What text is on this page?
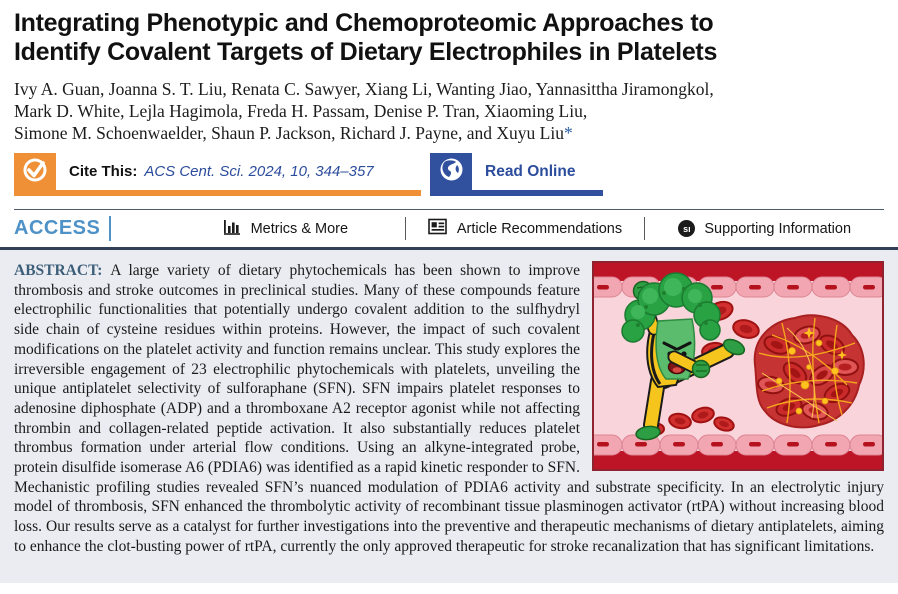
Integrating Phenotypic and Chemoproteomic Approaches to
Identify Covalent Targets of Dietary Electrophiles in Platelets
Ivy A. Guan, Joanna S. T. Liu, Renata C. Sawyer, Xiang Li, Wanting Jiao, Yannasittha Jiramongkol,
Mark D. White, Lejla Hagimola, Freda H. Passam, Denise P. Tran, Xiaoming Liu,
Simone M. Schoenwaelder, Shaun P. Jackson, Richard J. Payne, and Xuyu Liu*
Cite This: ACS Cent. Sci. 2024, 10, 344–357	Read Online
ACCESS	Metrics & More	Article Recommendations	sı Supporting Information

ABSTRACT: A large variety of dietary phytochemicals has been shown to improve thrombosis and stroke outcomes in preclinical studies. Many of these compounds feature electrophilic functionalities that potentially undergo covalent addition to the sulfhydryl side chain of cysteine residues within proteins. However, the impact of such covalent modifications on the platelet activity and function remains unclear. This study explores the irreversible engagement of 23 electrophilic phytochemicals with platelets, unveiling the unique antiplatelet selectivity of sulforaphane (SFN). SFN impairs platelet responses to adenosine diphosphate (ADP) and a thromboxane A2 receptor agonist while not affecting thrombin and collagen-related peptide activation. It also substantially reduces platelet thrombus formation under arterial flow conditions. Using an alkyne-integrated probe, protein disulfide isomerase A6 (PDIA6) was identified as a rapid kinetic responder to SFN. Mechanistic profiling studies revealed SFN’s nuanced modulation of PDIA6 activity and substrate specificity. In an electrolytic injury model of thrombosis, SFN enhanced the thrombolytic activity of recombinant tissue plasminogen activator (rtPA) without increasing blood loss. Our results serve as a catalyst for further investigations into the preventive and therapeutic mechanisms of dietary antiplatelets, aiming to enhance the clot-busting power of rtPA, currently the only approved therapeutic for stroke recanalization that has significant limitations.
